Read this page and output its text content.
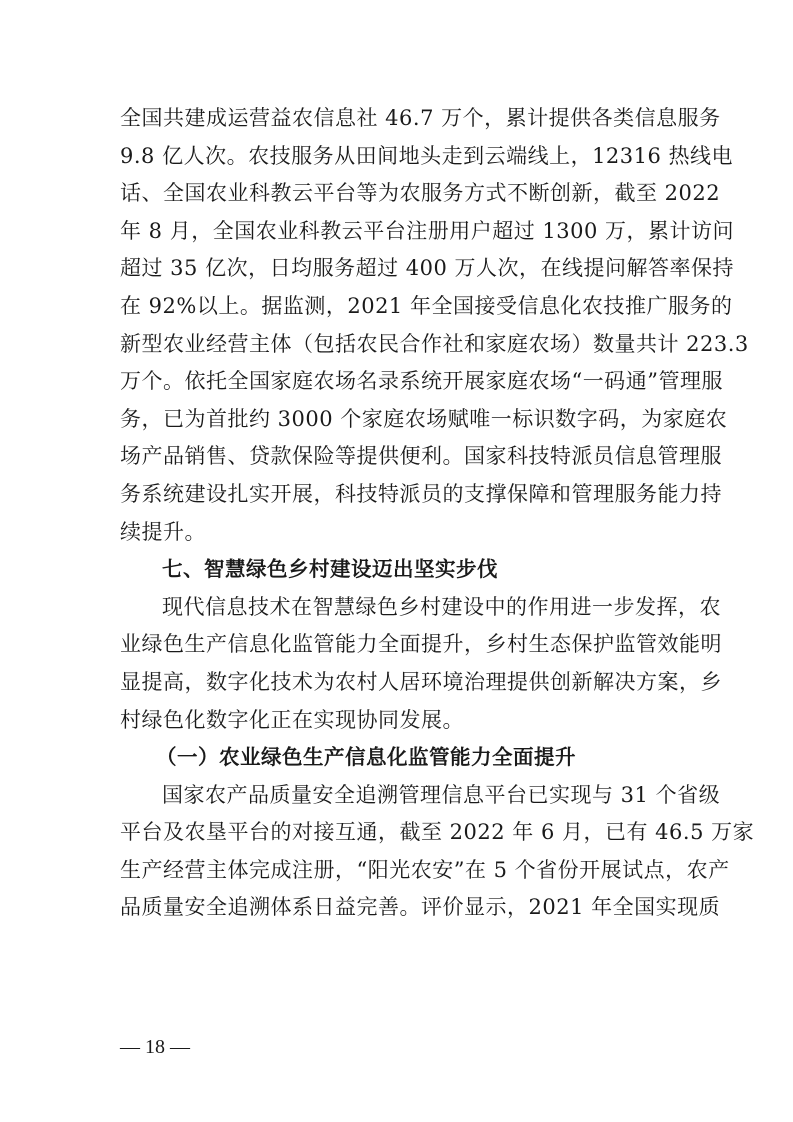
全国共建成运营益农信息社 46.7 万个，累计提供各类信息服务
9.8 亿人次。农技服务从田间地头走到云端线上，12316 热线电
话、全国农业科教云平台等为农服务方式不断创新，截至 2022
年 8 月，全国农业科教云平台注册用户超过 1300 万，累计访问
超过 35 亿次，日均服务超过 400 万人次，在线提问解答率保持
在 92%以上。据监测，2021 年全国接受信息化农技推广服务的
新型农业经营主体（包括农民合作社和家庭农场）数量共计 223.3
万个。依托全国家庭农场名录系统开展家庭农场“一码通”管理服
务，已为首批约 3000 个家庭农场赋唯一标识数字码，为家庭农
场产品销售、贷款保险等提供便利。国家科技特派员信息管理服
务系统建设扎实开展，科技特派员的支撑保障和管理服务能力持
续提升。
七、智慧绿色乡村建设迈出坚实步伐
现代信息技术在智慧绿色乡村建设中的作用进一步发挥，农
业绿色生产信息化监管能力全面提升，乡村生态保护监管效能明
显提高，数字化技术为农村人居环境治理提供创新解决方案，乡
村绿色化数字化正在实现协同发展。
（一）农业绿色生产信息化监管能力全面提升
国家农产品质量安全追溯管理信息平台已实现与 31 个省级
平台及农垦平台的对接互通，截至 2022 年 6 月，已有 46.5 万家
生产经营主体完成注册，“阳光农安”在 5 个省份开展试点，农产
品质量安全追溯体系日益完善。评价显示，2021 年全国实现质
— 18 —
